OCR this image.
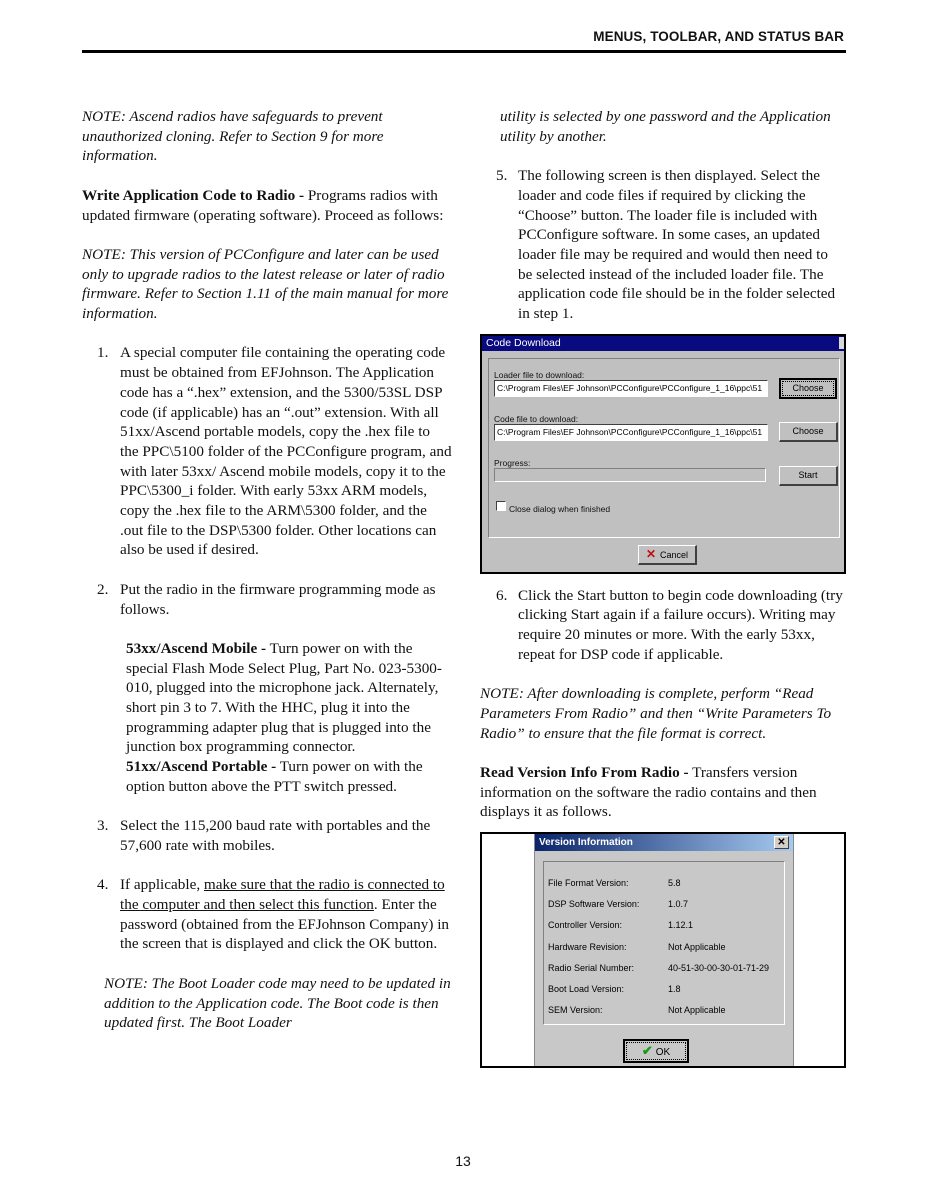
MENUS, TOOLBAR, AND STATUS BAR

NOTE: Ascend radios have safeguards to prevent unauthorized cloning. Refer to Section 9 for more information.

Write Application Code to Radio - Programs radios with updated firmware (operating software). Proceed as follows:

NOTE: This version of PCConfigure and later can be used only to upgrade radios to the latest release or later of radio firmware. Refer to Section 1.11 of the main manual for more information.

1. A special computer file containing the operating code must be obtained from EFJohnson. The Application code has a “.hex” extension, and the 5300/53SL DSP code (if applicable) has an “.out” extension. With all 51xx/Ascend portable models, copy the .hex file to the PPC\5100 folder of the PCConfigure program, and with later 53xx/ Ascend mobile models, copy it to the PPC\5300_i folder. With early 53xx ARM models, copy the .hex file to the ARM\5300 folder, and the .out file to the DSP\5300 folder. Other locations can also be used if desired.

2. Put the radio in the firmware programming mode as follows.

53xx/Ascend Mobile - Turn power on with the special Flash Mode Select Plug, Part No. 023-5300-010, plugged into the microphone jack. Alternately, short pin 3 to 7. With the HHC, plug it into the programming adapter plug that is plugged into the junction box programming connector.

51xx/Ascend Portable - Turn power on with the option button above the PTT switch pressed.

3. Select the 115,200 baud rate with portables and the 57,600 rate with mobiles.

4. If applicable, make sure that the radio is connected to the computer and then select this function. Enter the password (obtained from the EFJohnson Company) in the screen that is displayed and click the OK button.

NOTE: The Boot Loader code may need to be updated in addition to the Application code. The Boot code is then updated first. The Boot Loader

utility is selected by one password and the Application utility by another.

5. The following screen is then displayed. Select the loader and code files if required by clicking the “Choose” button. The loader file is included with PCConfigure software. In some cases, an updated loader file may be required and would then need to be selected instead of the included loader file. The application code file should be in the folder selected in step 1.

Code Download
Loader file to download:
C:\Program Files\EF Johnson\PCConfigure\PCConfigure_1_16\ppc\51	Choose
Code file to download:
C:\Program Files\EF Johnson\PCConfigure\PCConfigure_1_16\ppc\51	Choose
Progress:
Start
Close dialog when finished
✕ Cancel
6. Click the Start button to begin code downloading (try clicking Start again if a failure occurs). Writing may require 20 minutes or more. With the early 53xx, repeat for DSP code if applicable.

NOTE: After downloading is complete, perform “Read Parameters From Radio” and then “Write Parameters To Radio” to ensure that the file format is correct.

Read Version Info From Radio - Transfers version information on the software the radio contains and then displays it as follows.

Version Information	✕
File Format Version:	5.8
DSP Software Version:	1.0.7
Controller Version:	1.12.1
Hardware Revision:	Not Applicable
Radio Serial Number:	40-51-30-00-30-01-71-29
Boot Load Version:	1.8
SEM Version:	Not Applicable
✔ OK
13
